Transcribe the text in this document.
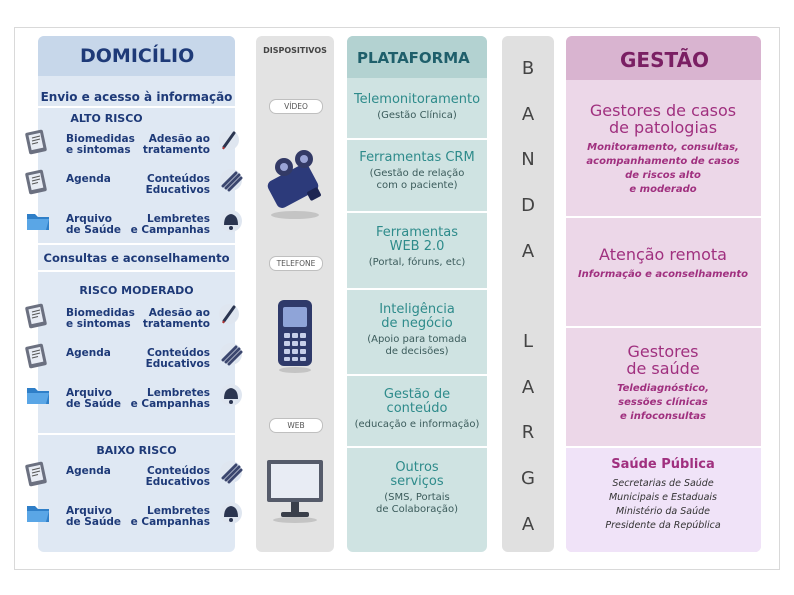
DOMICÍLIO
Envio e acesso à informação
ALTO RISCO
Biomedidas
e sintomas
Adesão ao
tratamento
Agenda	Conteúdos
Educativos
Arquivo
de Saúde
Lembretes
e Campanhas
Consultas e aconselhamento
RISCO MODERADO
Biomedidas
e sintomas
Adesão ao
tratamento
Agenda	Conteúdos
Educativos
Arquivo
de Saúde
Lembretes
e Campanhas
BAIXO RISCO
Agenda	Conteúdos
Educativos
Arquivo
de Saúde
Lembretes
e Campanhas
DISPOSITIVOS
VÍDEO
TELEFONE
WEB
PLATAFORMA
Telemonitoramento
(Gestão Clínica)
Ferramentas CRM
(Gestão de relação
com o paciente)
Ferramentas
WEB 2.0
(Portal, fóruns, etc)
Inteligência
de negócio
(Apoio para tomada
de decisões)
Gestão de
conteúdo
(educação e informação)
Outros
serviços
(SMS, Portais
de Colaboração)
B
A
N
D
A
L
A
R
G
A
GESTÃO
Gestores de casos
de patologias
Monitoramento, consultas,
acompanhamento de casos
de riscos alto
e moderado
Atenção remota
Informação e aconselhamento
Gestores
de saúde
Telediagnóstico,
sessões clínicas
e infoconsultas
Saúde Pública
Secretarias de Saúde
Municipais e Estaduais
Ministério da Saúde
Presidente da República
